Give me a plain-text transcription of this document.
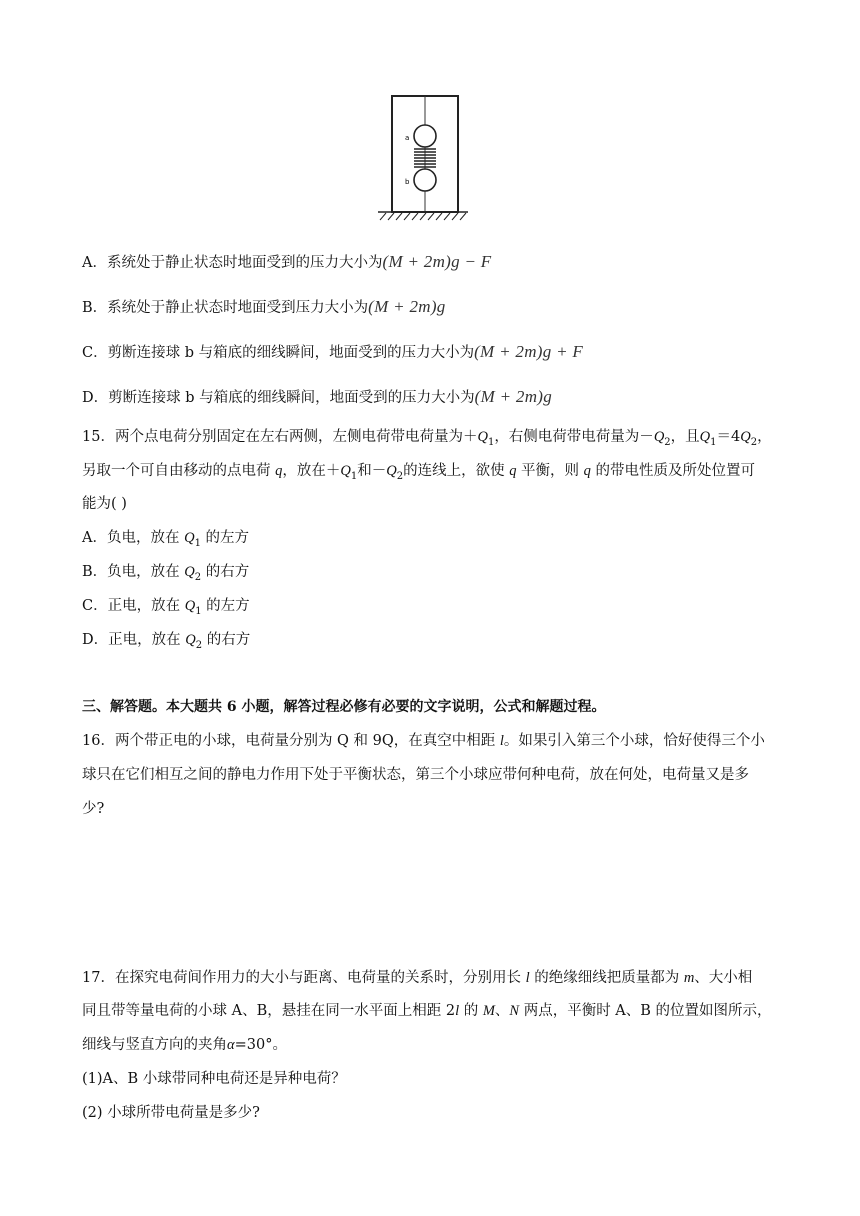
a
b
A．系统处于静止状态时地面受到的压力大小为(M + 2m)g − F
B．系统处于静止状态时地面受到压力大小为(M + 2m)g
C．剪断连接球 b 与箱底的细线瞬间，地面受到的压力大小为(M + 2m)g + F
D．剪断连接球 b 与箱底的细线瞬间，地面受到的压力大小为(M + 2m)g
15．两个点电荷分别固定在左右两侧，左侧电荷带电荷量为$+Q_1$，右侧电荷带电荷量为$-Q_2$，且$Q_1=4Q_2$，
另取一个可自由移动的点电荷 q，放在$+Q_1$和$-Q_2$的连线上，欲使 q 平衡，则 q 的带电性质及所处位置可
能为( )
A．负电，放在 $Q_1$ 的左方
B．负电，放在 $Q_2$ 的右方
C．正电，放在 $Q_1$ 的左方
D．正电，放在 $Q_2$ 的右方
三、解答题。本大题共 6 小题，解答过程必修有必要的文字说明，公式和解题过程。
16．两个带正电的小球，电荷量分别为 Q 和 9Q，在真空中相距 l。如果引入第三个小球，恰好使得三个小
球只在它们相互之间的静电力作用下处于平衡状态，第三个小球应带何种电荷，放在何处，电荷量又是多
少?
17．在探究电荷间作用力的大小与距离、电荷量的关系时，分别用长 l 的绝缘细线把质量都为 m、大小相
同且带等量电荷的小球 A、B，悬挂在同一水平面上相距 2l 的 M、N 两点，平衡时 A、B 的位置如图所示，
细线与竖直方向的夹角α=30°。
(1)A、B 小球带同种电荷还是异种电荷？
(2) 小球所带电荷量是多少?
